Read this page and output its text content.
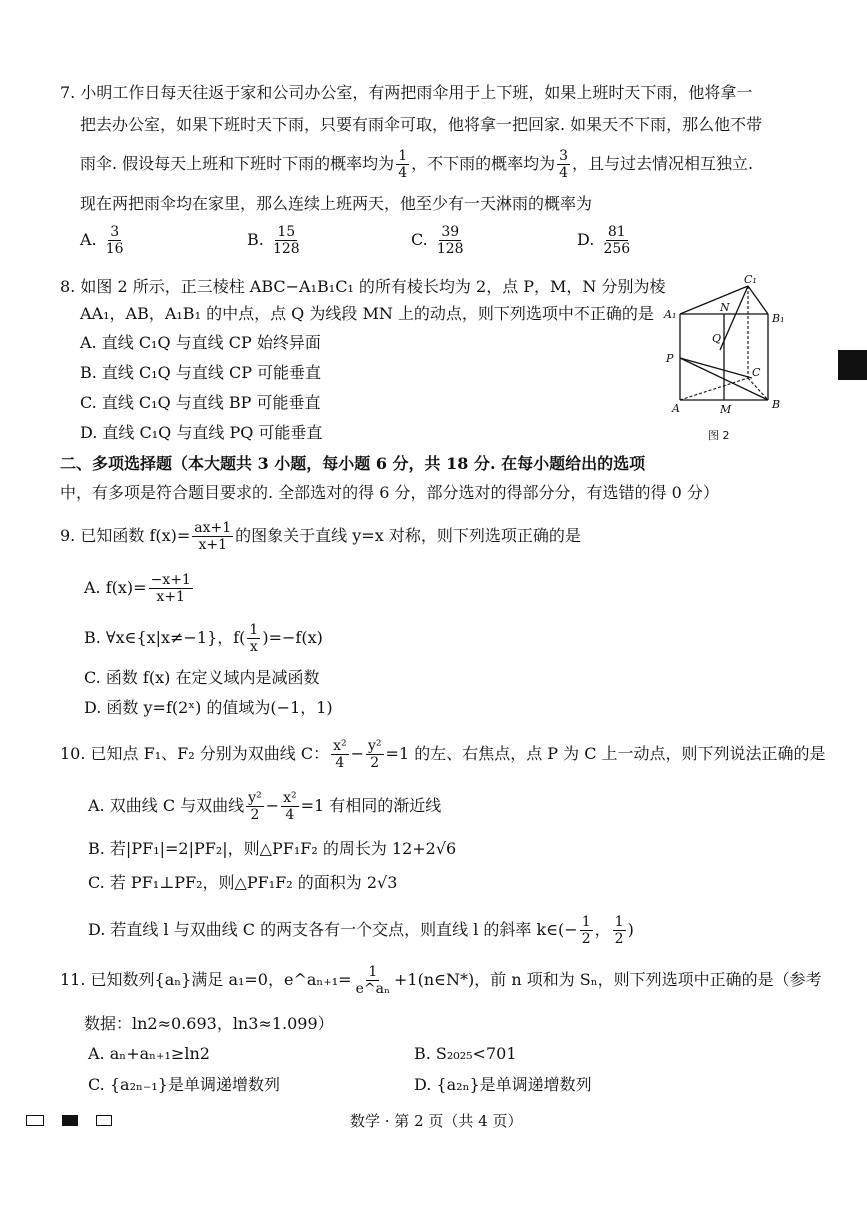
7. 小明工作日每天往返于家和公司办公室，有两把雨伞用于上下班，如果上班时天下雨，他将拿一
把去办公室，如果下班时天下雨，只要有雨伞可取，他将拿一把回家. 如果天不下雨，那么他不带
雨伞. 假设每天上班和下班时下雨的概率均为 $\frac{1}{4}$ ，不下雨的概率均为 $\frac{3}{4}$ ，且与过去情况相互独立.
现在两把雨伞均在家里，那么连续上班两天，他至少有一天淋雨的概率为
A. $\frac{3}{16}$	B. $\frac{15}{128}$	C. $\frac{39}{128}$	D. $\frac{81}{256}$
8. 如图 2 所示，正三棱柱 ABC−A₁B₁C₁ 的所有棱长均为 2，点 P，M，N 分别为棱
AA₁，AB，A₁B₁ 的中点，点 Q 为线段 MN 上的动点，则下列选项中不正确的是
A. 直线 C₁Q 与直线 CP 始终异面
B. 直线 C₁Q 与直线 CP 可能垂直
C. 直线 C₁Q 与直线 BP 可能垂直
D. 直线 C₁Q 与直线 PQ 可能垂直
C₁
A₁	B₁
N
Q
P
C
A	M	B
图 2
二、多项选择题（本大题共 3 小题，每小题 6 分，共 18 分. 在每小题给出的选项
中，有多项是符合题目要求的. 全部选对的得 6 分，部分选对的得部分分，有选错的得 0 分）
9. 已知函数 $f(x)= \frac{ax+1}{x+1}$ 的图象关于直线 y=x 对称，则下列选项正确的是
A. $f(x)= \frac{-x+1}{x+1}$
B. ∀x∈{x|x≠−1}，$f( \frac{1}{x} )=-f(x)$
C. 函数 f(x) 在定义域内是减函数
D. 函数 y=f(2ˣ) 的值域为(−1，1)
10. 已知点 F₁、F₂ 分别为双曲线 C： $\frac{\text{x²}}{4} - \frac{\text{y²}}{2} =1$ 的左、右焦点，点 P 为 C 上一动点，则下列说法正确的是
A. 双曲线 C 与双曲线 $\frac{\text{y²}}{2} - \frac{\text{x²}}{4} =1$ 有相同的渐近线
B. 若|PF₁|=2|PF₂|，则△PF₁F₂ 的周长为 12+2√6
C. 若 PF₁⊥PF₂，则△PF₁F₂ 的面积为 2√3
D. 若直线 l 与双曲线 C 的两支各有一个交点，则直线 l 的斜率 k∈(− $\frac{1}{2}$ ， $\frac{1}{2}$ )
11. 已知数列{aₙ}满足 a₁=0，e^aₙ₊₁= $\frac{1}{\text{e\textasciicircum{}aₙ}}$ +1(n∈N*)，前 n 项和为 Sₙ，则下列选项中正确的是（参考
数据：ln2≈0.693，ln3≈1.099）
A. aₙ+aₙ₊₁≥ln2	B. S₂₀₂₅<701
C. {a₂ₙ₋₁}是单调递增数列	D. {a₂ₙ}是单调递增数列
数学 · 第 2 页（共 4 页）
